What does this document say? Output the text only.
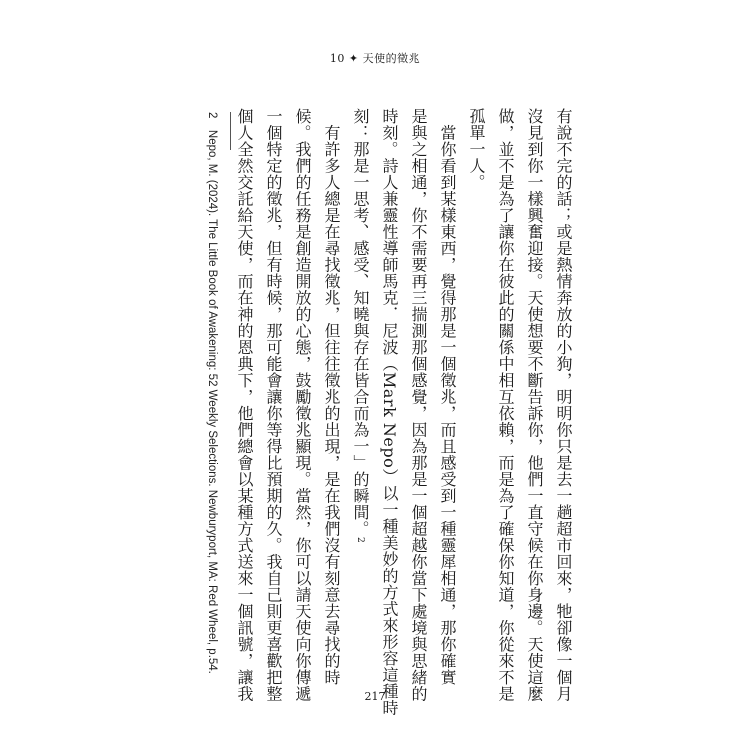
10 ✦ 天使的徵兆
有說不完的話；或是熱情奔放的小狗，明明你只是去一趟超市回來，牠卻像一個月
沒見到你一樣興奮迎接。天使想要不斷告訴你，他們一直守候在你身邊。天使這麼
做，並不是為了讓你在彼此的關係中相互依賴，而是為了確保你知道，你從來不是
孤單一人。
　當你看到某樣東西，覺得那是一個徵兆，而且感受到一種靈犀相通，那你確實
是與之相通，你不需要再三揣測那個感覺，因為那是一個超越你當下處境與思緒的
時刻。詩人兼靈性導師馬克．尼波（Mark Nepo）以一種美妙的方式來形容這種時
刻：那是一思考、感受、知曉與存在皆合而為一」的瞬間。2
　有許多人總是在尋找徵兆，但往往徵兆的出現，是在我們沒有刻意去尋找的時
候。我們的任務是創造開放的心態，鼓勵徵兆顯現。當然，你可以請天使向你傳遞
一個特定的徵兆，但有時候，那可能會讓你等得比預期的久。我自己則更喜歡把整
個人全然交託給天使，而在神的恩典下，他們總會以某種方式送來一個訊號，讓我
2　Nepo, M. (2024). The Little Book of Awakening: 52 Weekly Selections. Newburyport, MA: Red Wheel, p.54.
217
